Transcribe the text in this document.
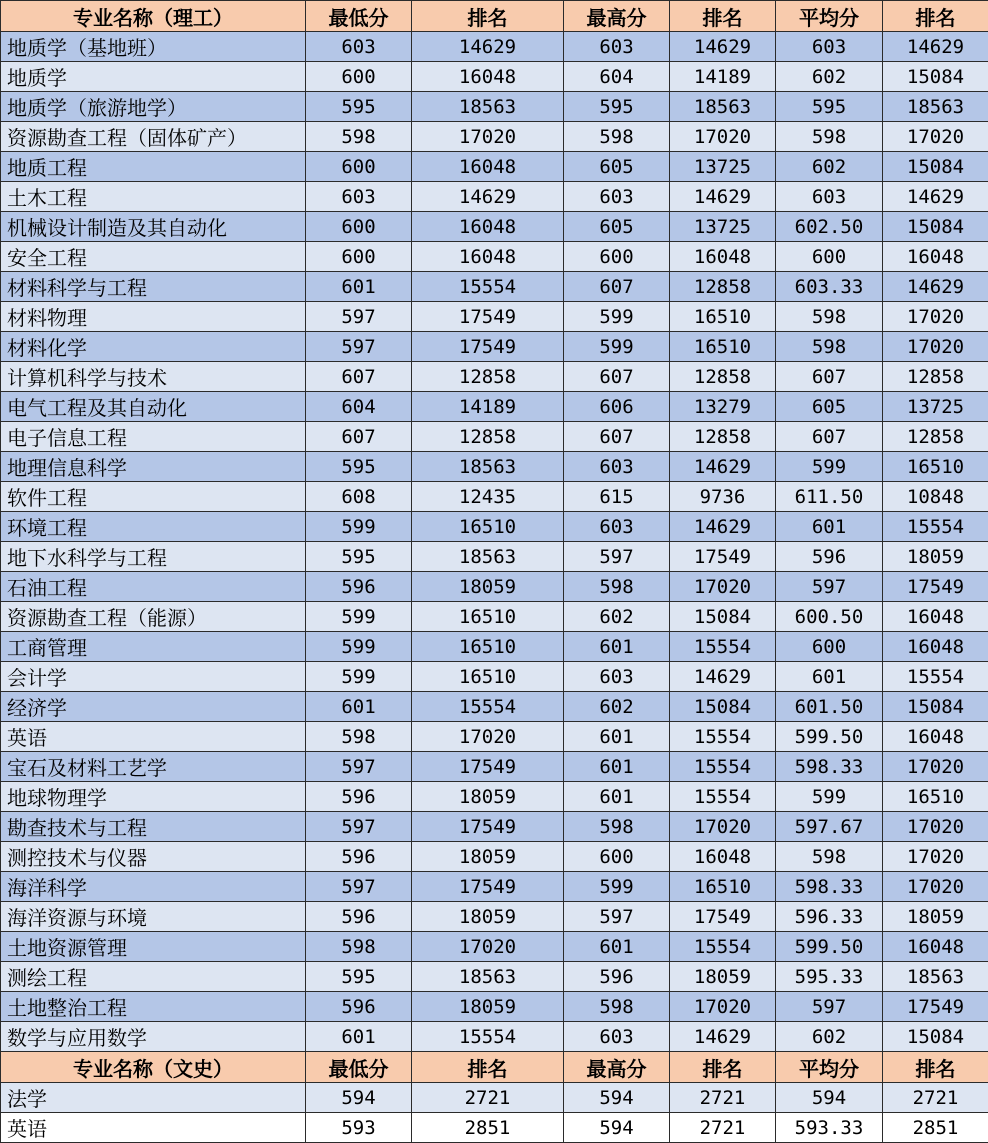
专业名称（理工）	最低分	排名	最高分	排名	平均分	排名
地质学（基地班）	603	14629	603	14629	603	14629
地质学	600	16048	604	14189	602	15084
地质学（旅游地学）	595	18563	595	18563	595	18563
资源勘查工程（固体矿产）	598	17020	598	17020	598	17020
地质工程	600	16048	605	13725	602	15084
土木工程	603	14629	603	14629	603	14629
机械设计制造及其自动化	600	16048	605	13725	602.50	15084
安全工程	600	16048	600	16048	600	16048
材料科学与工程	601	15554	607	12858	603.33	14629
材料物理	597	17549	599	16510	598	17020
材料化学	597	17549	599	16510	598	17020
计算机科学与技术	607	12858	607	12858	607	12858
电气工程及其自动化	604	14189	606	13279	605	13725
电子信息工程	607	12858	607	12858	607	12858
地理信息科学	595	18563	603	14629	599	16510
软件工程	608	12435	615	9736	611.50	10848
环境工程	599	16510	603	14629	601	15554
地下水科学与工程	595	18563	597	17549	596	18059
石油工程	596	18059	598	17020	597	17549
资源勘查工程（能源）	599	16510	602	15084	600.50	16048
工商管理	599	16510	601	15554	600	16048
会计学	599	16510	603	14629	601	15554
经济学	601	15554	602	15084	601.50	15084
英语	598	17020	601	15554	599.50	16048
宝石及材料工艺学	597	17549	601	15554	598.33	17020
地球物理学	596	18059	601	15554	599	16510
勘查技术与工程	597	17549	598	17020	597.67	17020
测控技术与仪器	596	18059	600	16048	598	17020
海洋科学	597	17549	599	16510	598.33	17020
海洋资源与环境	596	18059	597	17549	596.33	18059
土地资源管理	598	17020	601	15554	599.50	16048
测绘工程	595	18563	596	18059	595.33	18563
土地整治工程	596	18059	598	17020	597	17549
数学与应用数学	601	15554	603	14629	602	15084
专业名称（文史）	最低分	排名	最高分	排名	平均分	排名
法学	594	2721	594	2721	594	2721
英语	593	2851	594	2721	593.33	2851
